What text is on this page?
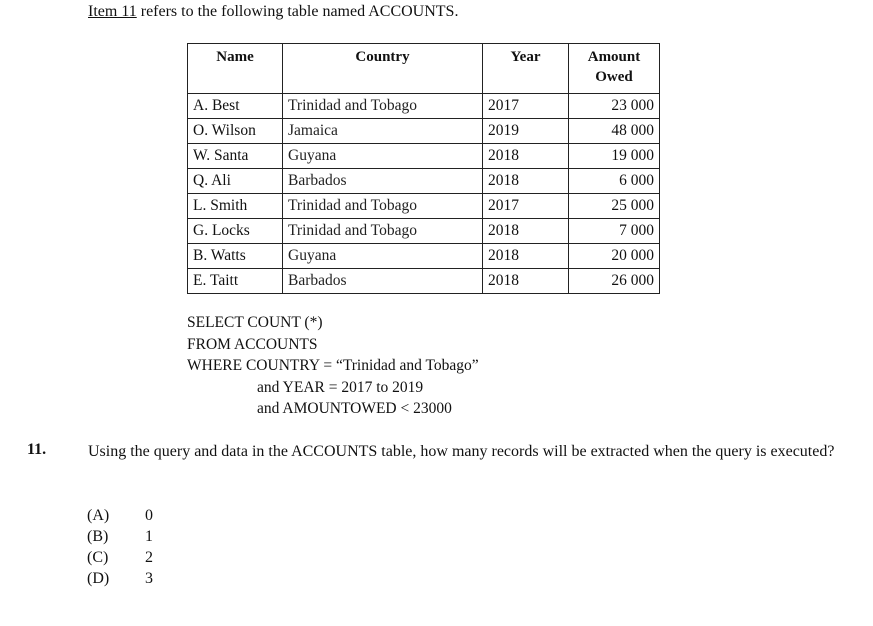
Item 11 refers to the following table named ACCOUNTS.
Name	Country	Year	Amount
Owed
A. Best	Trinidad and Tobago	2017	23 000
O. Wilson	Jamaica	2019	48 000
W. Santa	Guyana	2018	19 000
Q. Ali	Barbados	2018	6 000
L. Smith	Trinidad and Tobago	2017	25 000
G. Locks	Trinidad and Tobago	2018	7 000
B. Watts	Guyana	2018	20 000
E. Taitt	Barbados	2018	26 000
SELECT COUNT (*)
FROM ACCOUNTS
WHERE COUNTRY = “Trinidad and Tobago”
and YEAR = 2017 to 2019
and AMOUNTOWED < 23000
11.	Using the query and data in the ACCOUNTS table, how many records will be extracted when the query is executed?
(A)	0
(B)	1
(C)	2
(D)	3
